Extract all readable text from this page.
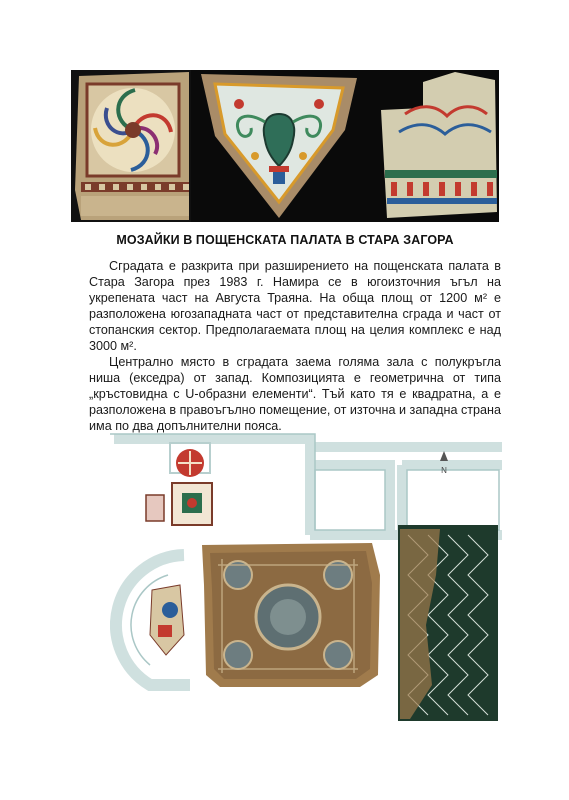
МОЗАЙКИ В ПОЩЕНСКАТА ПАЛАТА В СТАРА ЗАГОРА

Сградата е разкрита при разширението на пощенската палата в Стара Загора през 1983 г. Намира се в югоизточния ъгъл на укрепената част на Августа Траяна. На обща площ от 1200 м² е разположена югозападната част от представителна сграда и част от стопанския сектор. Предполагаемата площ на целия комплекс е над 3000 м².

Централно място в сградата заема голяма зала с полукръгла ниша (екседра) от запад. Композицията е геометрична от типа „кръстовидна с U-образни елементи“. Тъй като тя е квадратна, а е разположена в правоъгълно помещение, от източна и западна страна има по два допълнителни пояса.

N
